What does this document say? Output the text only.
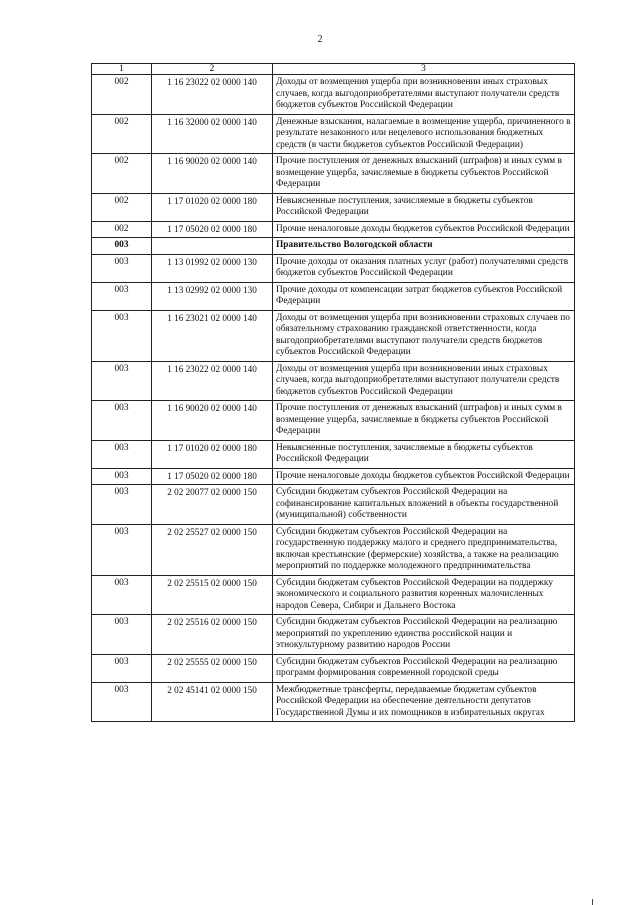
2
1	2	3
002	1 16 23022 02 0000 140	Доходы от возмещения ущерба при возникновении иных страховых случаев, когда выгодоприобретателями выступают получатели средств бюджетов субъектов Российской Федерации
002	1 16 32000 02 0000 140	Денежные взыскания, налагаемые в возмещение ущерба, причиненного в результате незаконного или нецелевого использования бюджетных средств (в части бюджетов субъектов Российской Федерации)
002	1 16 90020 02 0000 140	Прочие поступления от денежных взысканий (штрафов) и иных сумм в возмещение ущерба, зачисляемые в бюджеты субъектов Российской Федерации
002	1 17 01020 02 0000 180	Невыясненные поступления, зачисляемые в бюджеты субъектов Российской Федерации
002	1 17 05020 02 0000 180	Прочие неналоговые доходы бюджетов субъектов Российской Федерации
003		Правительство Вологодской области
003	1 13 01992 02 0000 130	Прочие доходы от оказания платных услуг (работ) получателями средств бюджетов субъектов Российской Федерации
003	1 13 02992 02 0000 130	Прочие доходы от компенсации затрат бюджетов субъектов Российской Федерации
003	1 16 23021 02 0000 140	Доходы от возмещения ущерба при возникновении страховых случаев по обязательному страхованию гражданской ответственности, когда выгодоприобретателями выступают получатели средств бюджетов субъектов Российской Федерации
003	1 16 23022 02 0000 140	Доходы от возмещения ущерба при возникновении иных страховых случаев, когда выгодоприобретателями выступают получатели средств бюджетов субъектов Российской Федерации
003	1 16 90020 02 0000 140	Прочие поступления от денежных взысканий (штрафов) и иных сумм в возмещение ущерба, зачисляемые в бюджеты субъектов Российской Федерации
003	1 17 01020 02 0000 180	Невыясненные поступления, зачисляемые в бюджеты субъектов Российской Федерации
003	1 17 05020 02 0000 180	Прочие неналоговые доходы бюджетов субъектов Российской Федерации
003	2 02 20077 02 0000 150	Субсидии бюджетам субъектов Российской Федерации на софинансирование капитальных вложений в объекты государственной (муниципальной) собственности
003	2 02 25527 02 0000 150	Субсидии бюджетам субъектов Российской Федерации на государственную поддержку малого и среднего предпринимательства, включая крестьянские (фермерские) хозяйства, а также на реализацию мероприятий по поддержке молодежного предпринимательства
003	2 02 25515 02 0000 150	Субсидии бюджетам субъектов Российской Федерации на поддержку экономического и социального развития коренных малочисленных народов Севера, Сибири и Дальнего Востока
003	2 02 25516 02 0000 150	Субсидии бюджетам субъектов Российской Федерации на реализацию мероприятий по укреплению единства российской нации и этнокультурному развитию народов России
003	2 02 25555 02 0000 150	Субсидии бюджетам субъектов Российской Федерации на реализацию программ формирования современной городской среды
003	2 02 45141 02 0000 150	Межбюджетные трансферты, передаваемые бюджетам субъектов Российской Федерации на обеспечение деятельности депутатов Государственной Думы и их помощников в избирательных округах
